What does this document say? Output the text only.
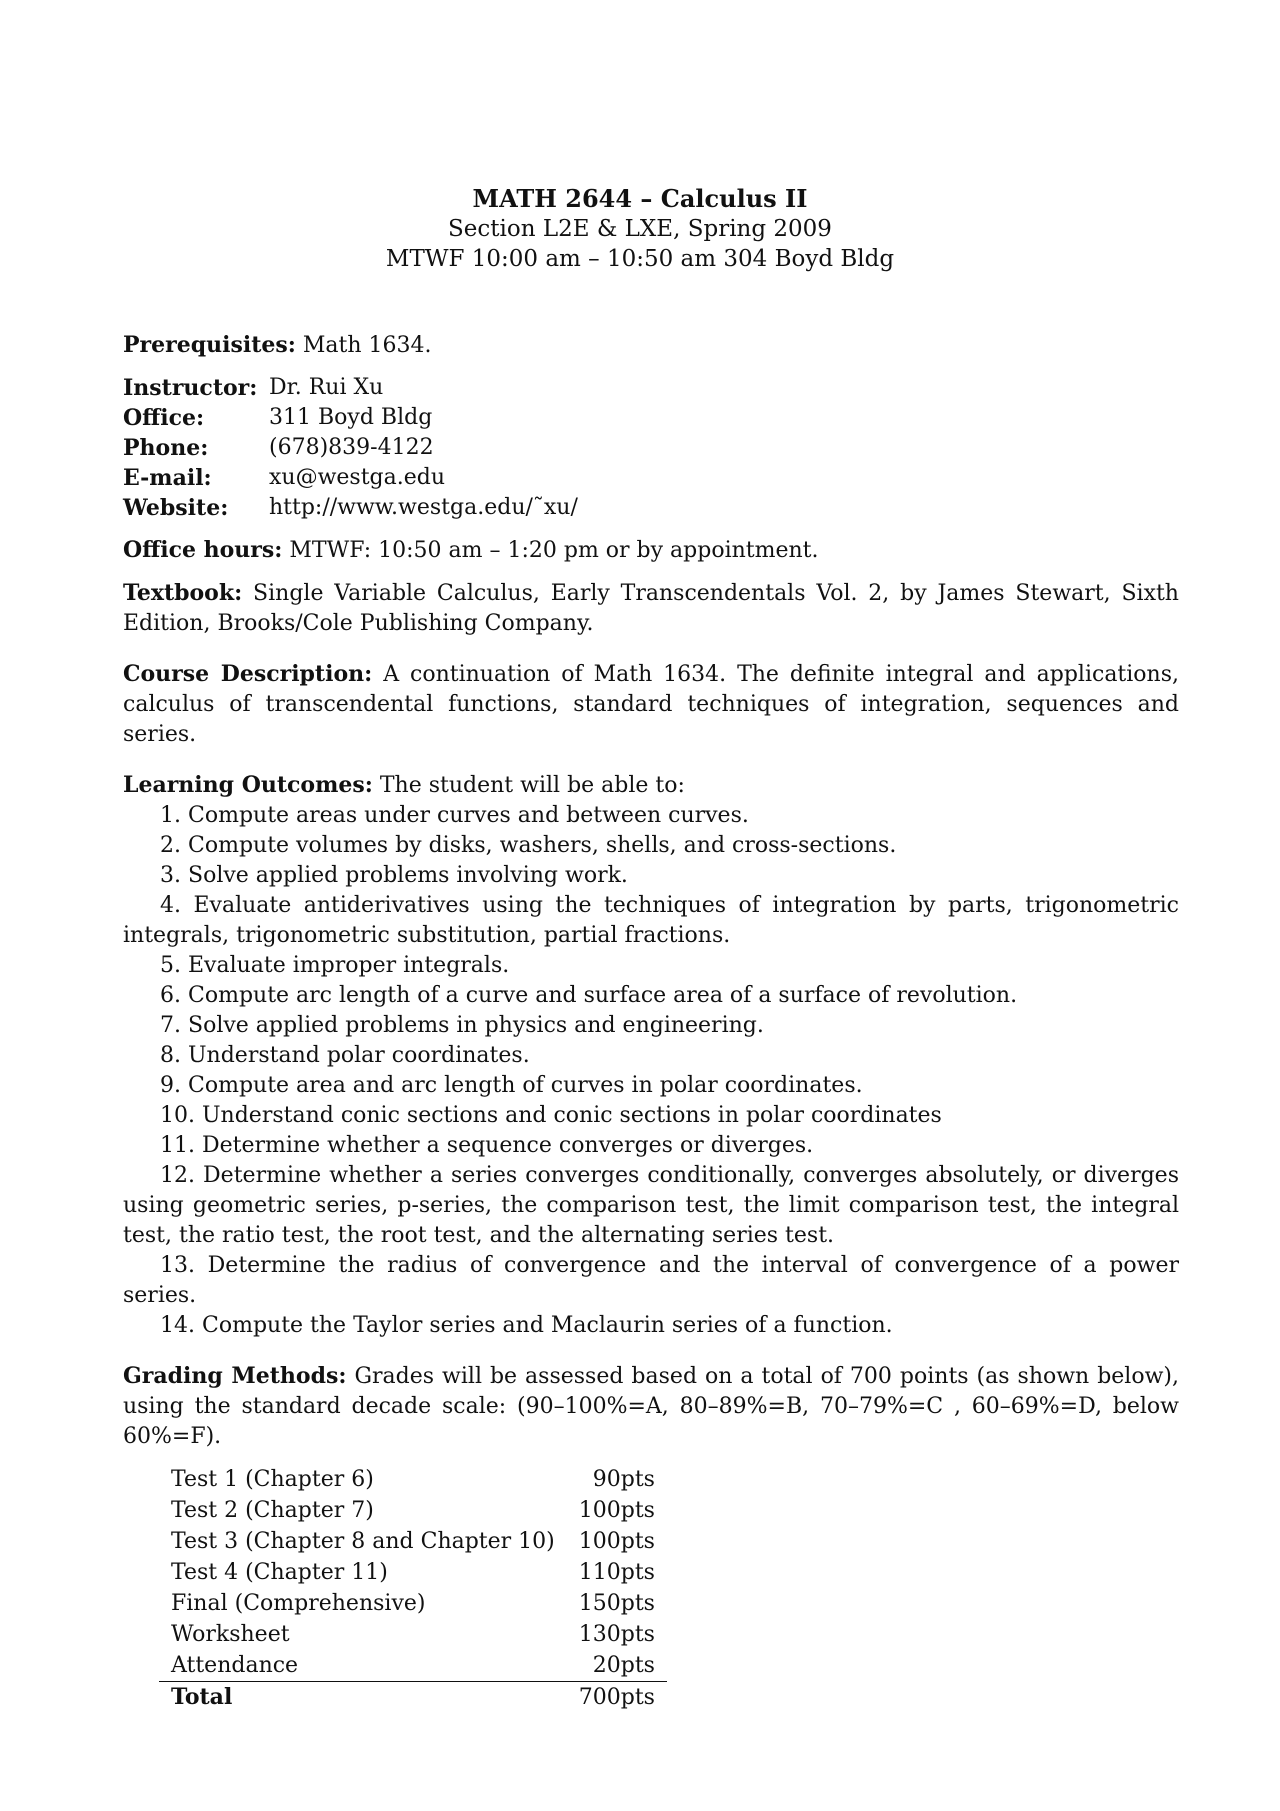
MATH 2644 – Calculus II
Section L2E & LXE, Spring 2009
MTWF 10:00 am – 10:50 am 304 Boyd Bldg

Prerequisites: Math 1634.

Instructor:	Dr. Rui Xu
Office:	311 Boyd Bldg
Phone:	(678)839-4122
E-mail:	xu@westga.edu
Website:	http://www.westga.edu/˜xu/

Office hours: MTWF: 10:50 am – 1:20 pm or by appointment.

Textbook: Single Variable Calculus, Early Transcendentals Vol. 2, by James Stewart, Sixth Edition, Brooks/Cole Publishing Company.

Course Description: A continuation of Math 1634. The definite integral and applications, calculus of transcendental functions, standard techniques of integration, sequences and series.

Learning Outcomes: The student will be able to:

1. Compute areas under curves and between curves.
2. Compute volumes by disks, washers, shells, and cross-sections.
3. Solve applied problems involving work.
4. Evaluate antiderivatives using the techniques of integration by parts, trigonometric integrals, trigonometric substitution, partial fractions.
5. Evaluate improper integrals.
6. Compute arc length of a curve and surface area of a surface of revolution.
7. Solve applied problems in physics and engineering.
8. Understand polar coordinates.
9. Compute area and arc length of curves in polar coordinates.
10. Understand conic sections and conic sections in polar coordinates
11. Determine whether a sequence converges or diverges.
12. Determine whether a series converges conditionally, converges absolutely, or diverges using geometric series, p-series, the comparison test, the limit comparison test, the integral test, the ratio test, the root test, and the alternating series test.
13. Determine the radius of convergence and the interval of convergence of a power series.
14. Compute the Taylor series and Maclaurin series of a function.

Grading Methods: Grades will be assessed based on a total of 700 points (as shown below), using the standard decade scale: (90–100%=A, 80–89%=B, 70–79%=C , 60–69%=D, below 60%=F).

Test 1 (Chapter 6)	90pts
Test 2 (Chapter 7)	100pts
Test 3 (Chapter 8 and Chapter 10)	100pts
Test 4 (Chapter 11)	110pts
Final (Comprehensive)	150pts
Worksheet	130pts
Attendance	20pts
Total	700pts
